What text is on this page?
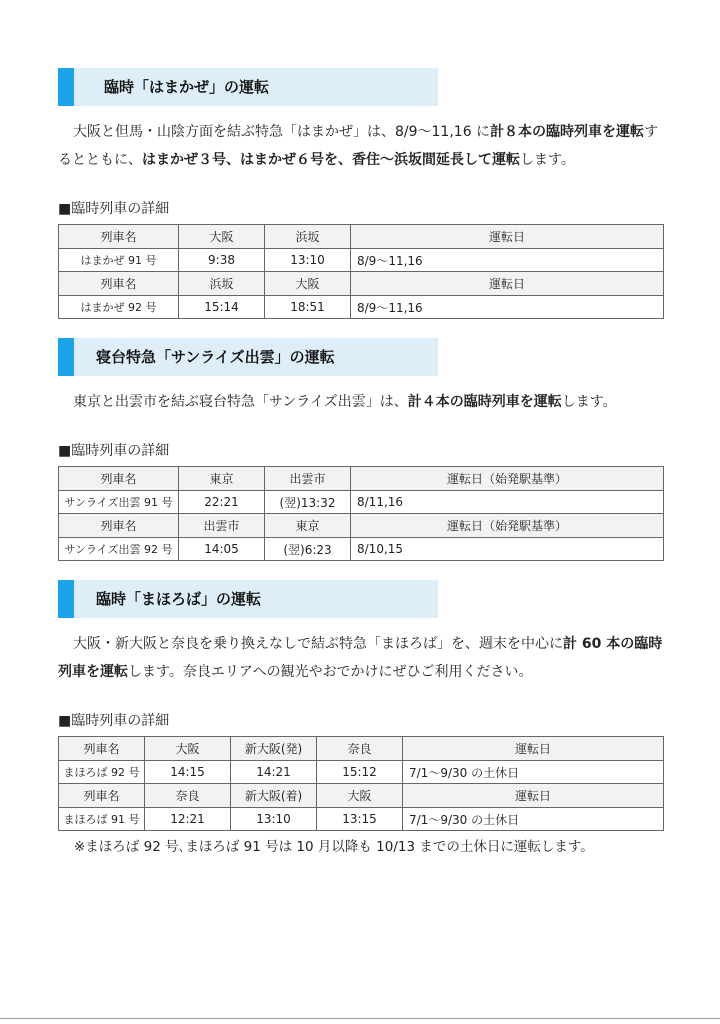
臨時「はまかぜ」の運転
大阪と但馬・山陰方面を結ぶ特急「はまかぜ」は、8/9～11,16 に計８本の臨時列車を運転するとともに、はまかぜ３号、はまかぜ６号を、香住～浜坂間延長して運転します。
■臨時列車の詳細
列車名	大阪	浜坂	運転日
はまかぜ 91 号	9:38	13:10	8/9～11,16
列車名	浜坂	大阪	運転日
はまかぜ 92 号	15:14	18:51	8/9～11,16
寝台特急「サンライズ出雲」の運転
東京と出雲市を結ぶ寝台特急「サンライズ出雲」は、計４本の臨時列車を運転します。
■臨時列車の詳細
列車名	東京	出雲市	運転日（始発駅基準）
サンライズ出雲 91 号	22:21	(翌)13:32	8/11,16
列車名	出雲市	東京	運転日（始発駅基準）
サンライズ出雲 92 号	14:05	(翌)6:23	8/10,15
臨時「まほろば」の運転
大阪・新大阪と奈良を乗り換えなしで結ぶ特急「まほろば」を、週末を中心に計 60 本の臨時列車を運転します。奈良エリアへの観光やおでかけにぜひご利用ください。
■臨時列車の詳細
列車名	大阪	新大阪(発)	奈良	運転日
まほろば 92 号	14:15	14:21	15:12	7/1～9/30 の土休日
列車名	奈良	新大阪(着)	大阪	運転日
まほろば 91 号	12:21	13:10	13:15	7/1～9/30 の土休日
※まほろば 92 号､まほろば 91 号は 10 月以降も 10/13 までの土休日に運転します。
